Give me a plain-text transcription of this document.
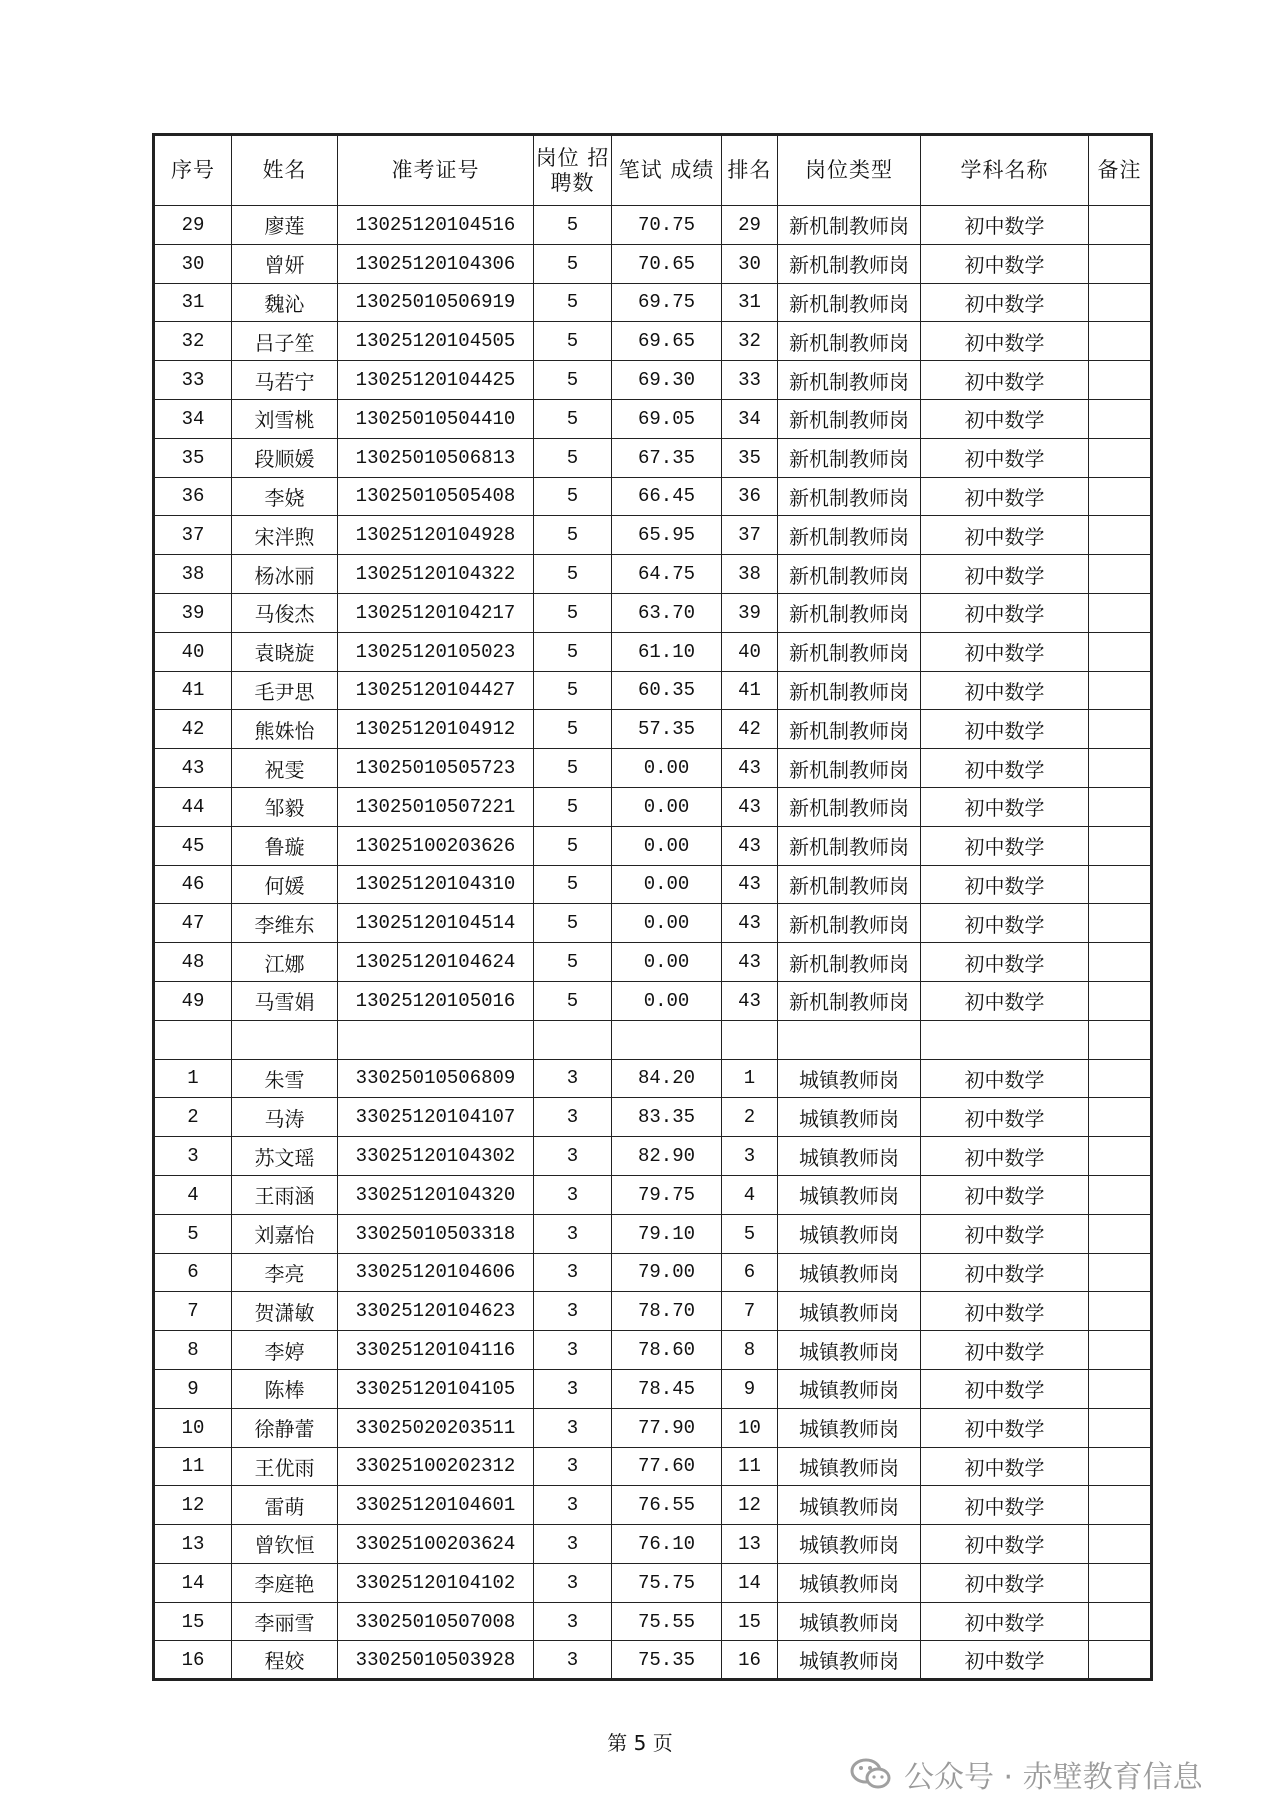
序号	姓名	准考证号	岗位 招聘数	笔试 成绩	排名	岗位类型	学科名称	备注
29	廖莲	13025120104516	5	70.75	29	新机制教师岗	初中数学	
30	曾妍	13025120104306	5	70.65	30	新机制教师岗	初中数学	
31	魏沁	13025010506919	5	69.75	31	新机制教师岗	初中数学	
32	吕子笙	13025120104505	5	69.65	32	新机制教师岗	初中数学	
33	马若宁	13025120104425	5	69.30	33	新机制教师岗	初中数学	
34	刘雪桃	13025010504410	5	69.05	34	新机制教师岗	初中数学	
35	段顺媛	13025010506813	5	67.35	35	新机制教师岗	初中数学	
36	李娆	13025010505408	5	66.45	36	新机制教师岗	初中数学	
37	宋泮煦	13025120104928	5	65.95	37	新机制教师岗	初中数学	
38	杨冰丽	13025120104322	5	64.75	38	新机制教师岗	初中数学	
39	马俊杰	13025120104217	5	63.70	39	新机制教师岗	初中数学	
40	袁晓旋	13025120105023	5	61.10	40	新机制教师岗	初中数学	
41	毛尹思	13025120104427	5	60.35	41	新机制教师岗	初中数学	
42	熊姝怡	13025120104912	5	57.35	42	新机制教师岗	初中数学	
43	祝雯	13025010505723	5	0.00	43	新机制教师岗	初中数学	
44	邹毅	13025010507221	5	0.00	43	新机制教师岗	初中数学	
45	鲁璇	13025100203626	5	0.00	43	新机制教师岗	初中数学	
46	何媛	13025120104310	5	0.00	43	新机制教师岗	初中数学	
47	李维东	13025120104514	5	0.00	43	新机制教师岗	初中数学	
48	江娜	13025120104624	5	0.00	43	新机制教师岗	初中数学	
49	马雪娟	13025120105016	5	0.00	43	新机制教师岗	初中数学	

1	朱雪	33025010506809	3	84.20	1	城镇教师岗	初中数学	
2	马涛	33025120104107	3	83.35	2	城镇教师岗	初中数学	
3	苏文瑶	33025120104302	3	82.90	3	城镇教师岗	初中数学	
4	王雨涵	33025120104320	3	79.75	4	城镇教师岗	初中数学	
5	刘嘉怡	33025010503318	3	79.10	5	城镇教师岗	初中数学	
6	李亮	33025120104606	3	79.00	6	城镇教师岗	初中数学	
7	贺潇敏	33025120104623	3	78.70	7	城镇教师岗	初中数学	
8	李婷	33025120104116	3	78.60	8	城镇教师岗	初中数学	
9	陈棒	33025120104105	3	78.45	9	城镇教师岗	初中数学	
10	徐静蕾	33025020203511	3	77.90	10	城镇教师岗	初中数学	
11	王优雨	33025100202312	3	77.60	11	城镇教师岗	初中数学	
12	雷萌	33025120104601	3	76.55	12	城镇教师岗	初中数学	
13	曾钦恒	33025100203624	3	76.10	13	城镇教师岗	初中数学	
14	李庭艳	33025120104102	3	75.75	14	城镇教师岗	初中数学	
15	李丽雪	33025010507008	3	75.55	15	城镇教师岗	初中数学	
16	程姣	33025010503928	3	75.35	16	城镇教师岗	初中数学	
第 5 页
公众号 · 赤壁教育信息
